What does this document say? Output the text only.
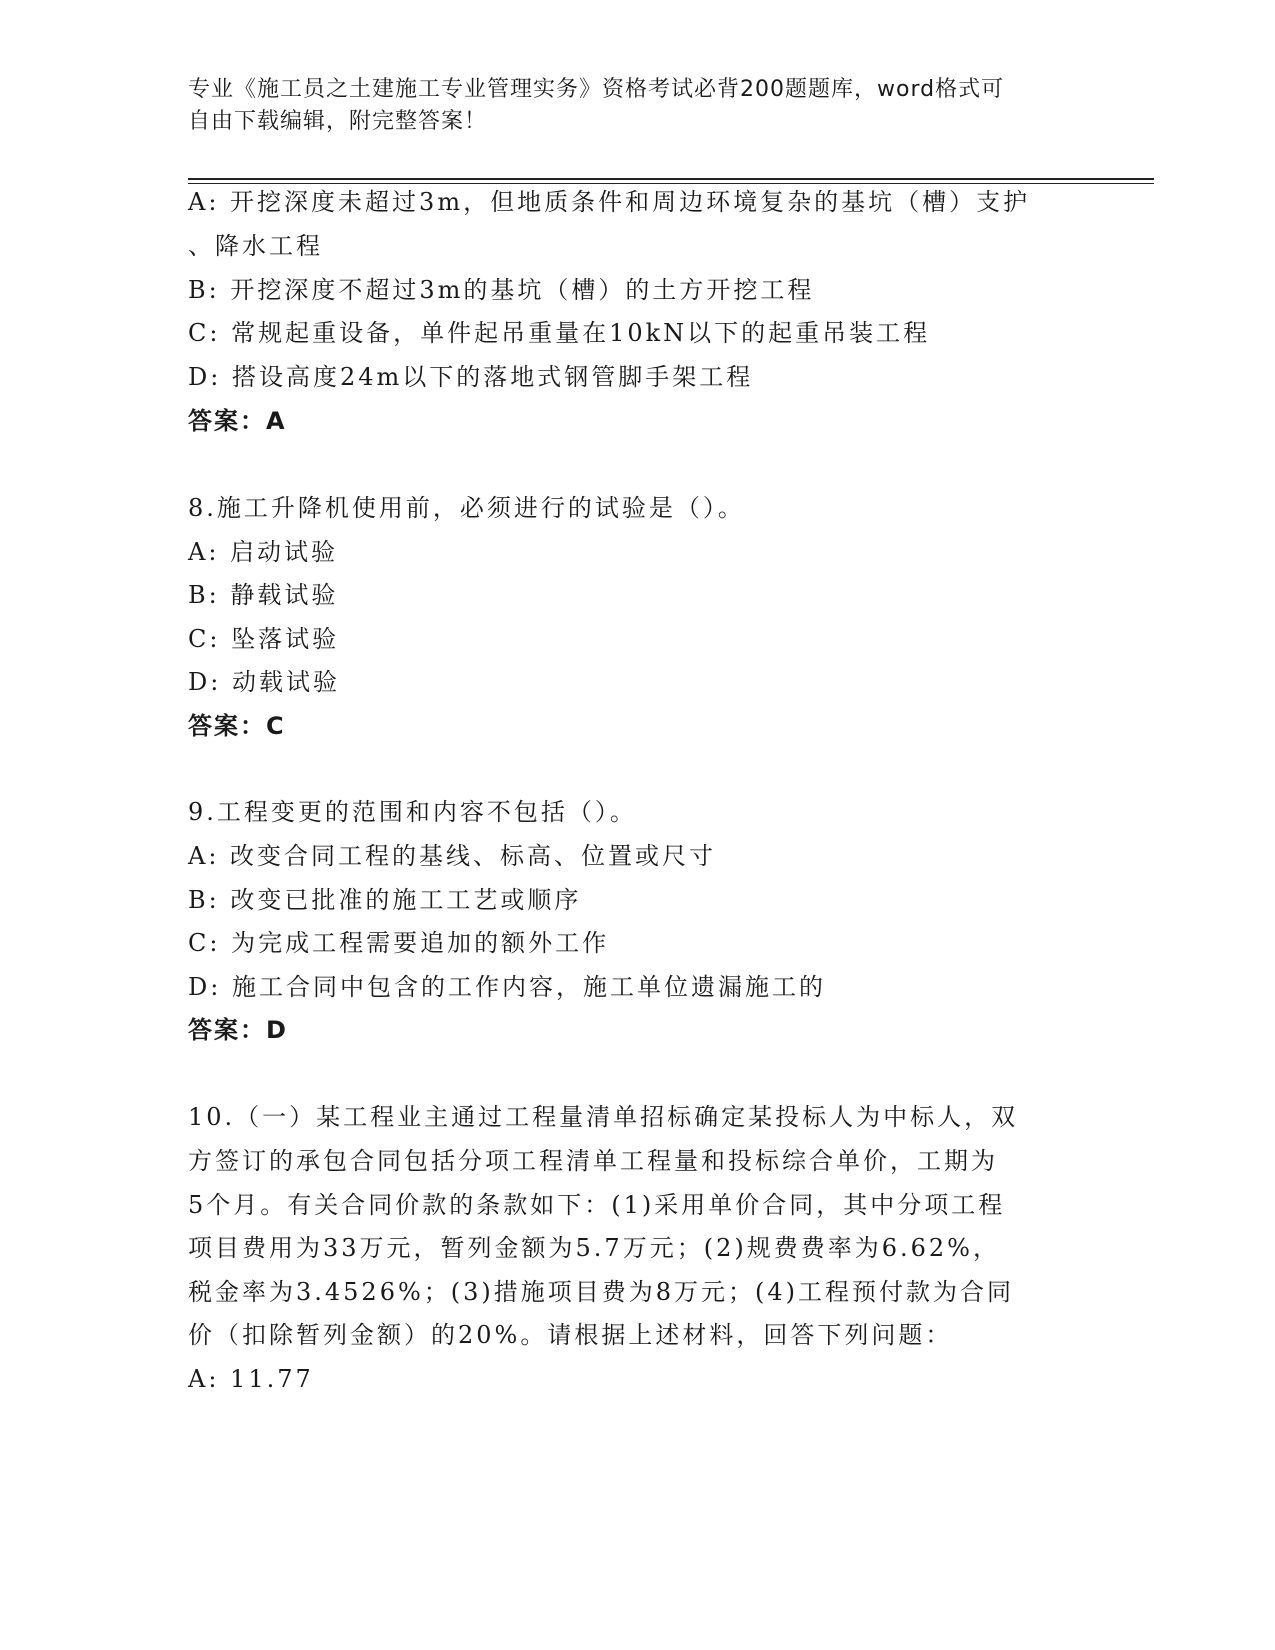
专业《施工员之土建施工专业管理实务》资格考试必背200题题库，word格式可
自由下载编辑，附完整答案！
A: 开挖深度未超过3m，但地质条件和周边环境复杂的基坑（槽）支护
、降水工程
B: 开挖深度不超过3m的基坑（槽）的土方开挖工程
C: 常规起重设备，单件起吊重量在10kN以下的起重吊装工程
D: 搭设高度24m以下的落地式钢管脚手架工程
答案：A
8.施工升降机使用前，必须进行的试验是（）。
A: 启动试验
B: 静载试验
C: 坠落试验
D: 动载试验
答案：C
9.工程变更的范围和内容不包括（）。
A: 改变合同工程的基线、标高、位置或尺寸
B: 改变已批准的施工工艺或顺序
C: 为完成工程需要追加的额外工作
D: 施工合同中包含的工作内容，施工单位遗漏施工的
答案：D
10.（一）某工程业主通过工程量清单招标确定某投标人为中标人，双
方签订的承包合同包括分项工程清单工程量和投标综合单价，工期为
5个月。有关合同价款的条款如下：(1)采用单价合同，其中分项工程
项目费用为33万元，暂列金额为5.7万元；(2)规费费率为6.62%，
税金率为3.4526%；(3)措施项目费为8万元；(4)工程预付款为合同
价（扣除暂列金额）的20%。请根据上述材料，回答下列问题：
A: 11.77
